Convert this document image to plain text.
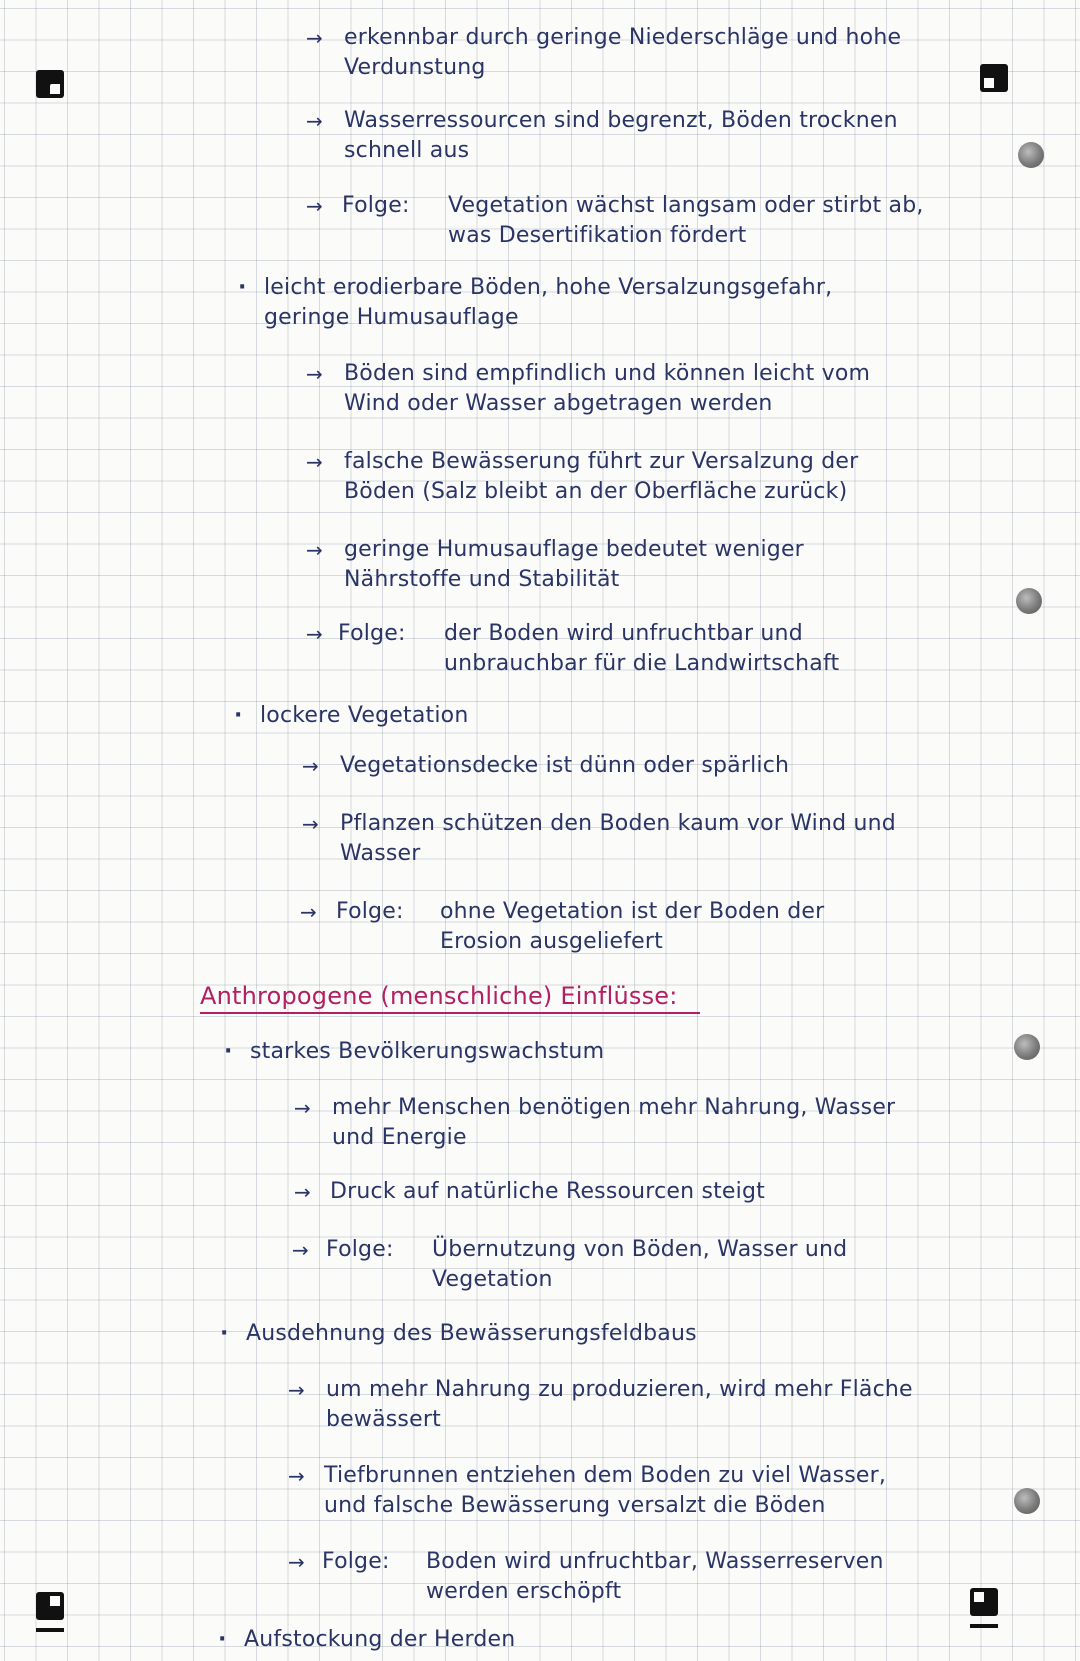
→ erkennbar durch geringe Niederschläge und hohe

Verdunstung

→ Wasserressourcen sind begrenzt, Böden trocknen

schnell aus

→ Folge: Vegetation wächst langsam oder stirbt ab,

was Desertifikation fördert

· leicht erodierbare Böden, hohe Versalzungsgefahr,

geringe Humusauflage

→ Böden sind empfindlich und können leicht vom

Wind oder Wasser abgetragen werden

→ falsche Bewässerung führt zur Versalzung der

Böden (Salz bleibt an der Oberfläche zurück)

→ geringe Humusauflage bedeutet weniger

Nährstoffe und Stabilität

→ Folge: der Boden wird unfruchtbar und

unbrauchbar für die Landwirtschaft

· lockere Vegetation

→ Vegetationsdecke ist dünn oder spärlich

→ Pflanzen schützen den Boden kaum vor Wind und

Wasser

→ Folge: ohne Vegetation ist der Boden der

Erosion ausgeliefert

Anthropogene (menschliche) Einflüsse:

· starkes Bevölkerungswachstum

→ mehr Menschen benötigen mehr Nahrung, Wasser

und Energie

→ Druck auf natürliche Ressourcen steigt

→ Folge: Übernutzung von Böden, Wasser und

Vegetation

· Ausdehnung des Bewässerungsfeldbaus

→ um mehr Nahrung zu produzieren, wird mehr Fläche

bewässert

→ Tiefbrunnen entziehen dem Boden zu viel Wasser,

und falsche Bewässerung versalzt die Böden

→ Folge: Boden wird unfruchtbar, Wasserreserven

werden erschöpft

· Aufstockung der Herden
